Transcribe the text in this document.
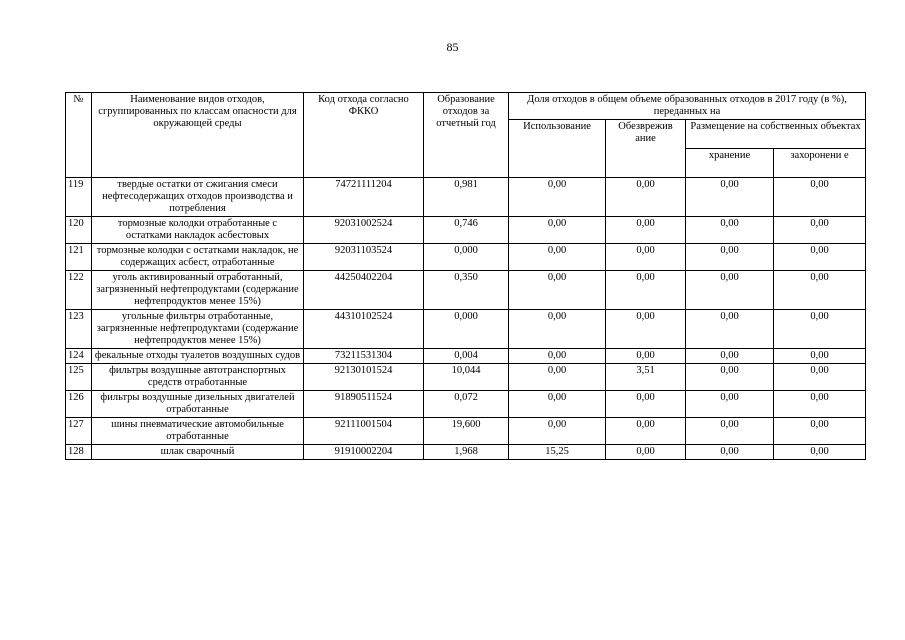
85
№	Наименование видов отходов, сгруппированных по классам опасности для окружающей среды	Код отхода согласно ФККО	Образование отходов за отчетный год	Доля отходов в общем объеме образованных отходов в 2017 году (в %), переданных на			
				Использование	Обезврежив ание	Размещение на собственных объектах	
						хранение	захоронени е
119	твердые остатки от сжигания смеси нефтесодержащих отходов производства и потребления	74721111204	0,981	0,00	0,00	0,00	0,00
120	тормозные колодки отработанные с остатками накладок асбестовых	92031002524	0,746	0,00	0,00	0,00	0,00
121	тормозные колодки с остатками накладок, не содержащих асбест, отработанные	92031103524	0,000	0,00	0,00	0,00	0,00
122	уголь активированный отработанный, загрязненный нефтепродуктами (содержание нефтепродуктов менее 15%)	44250402204	0,350	0,00	0,00	0,00	0,00
123	угольные фильтры отработанные, загрязненные нефтепродуктами (содержание нефтепродуктов менее 15%)	44310102524	0,000	0,00	0,00	0,00	0,00
124	фекальные отходы туалетов воздушных судов	73211531304	0,004	0,00	0,00	0,00	0,00
125	фильтры воздушные автотранспортных средств отработанные	92130101524	10,044	0,00	3,51	0,00	0,00
126	фильтры воздушные дизельных двигателей отработанные	91890511524	0,072	0,00	0,00	0,00	0,00
127	шины пневматические автомобильные отработанные	92111001504	19,600	0,00	0,00	0,00	0,00
128	шлак сварочный	91910002204	1,968	15,25	0,00	0,00	0,00
